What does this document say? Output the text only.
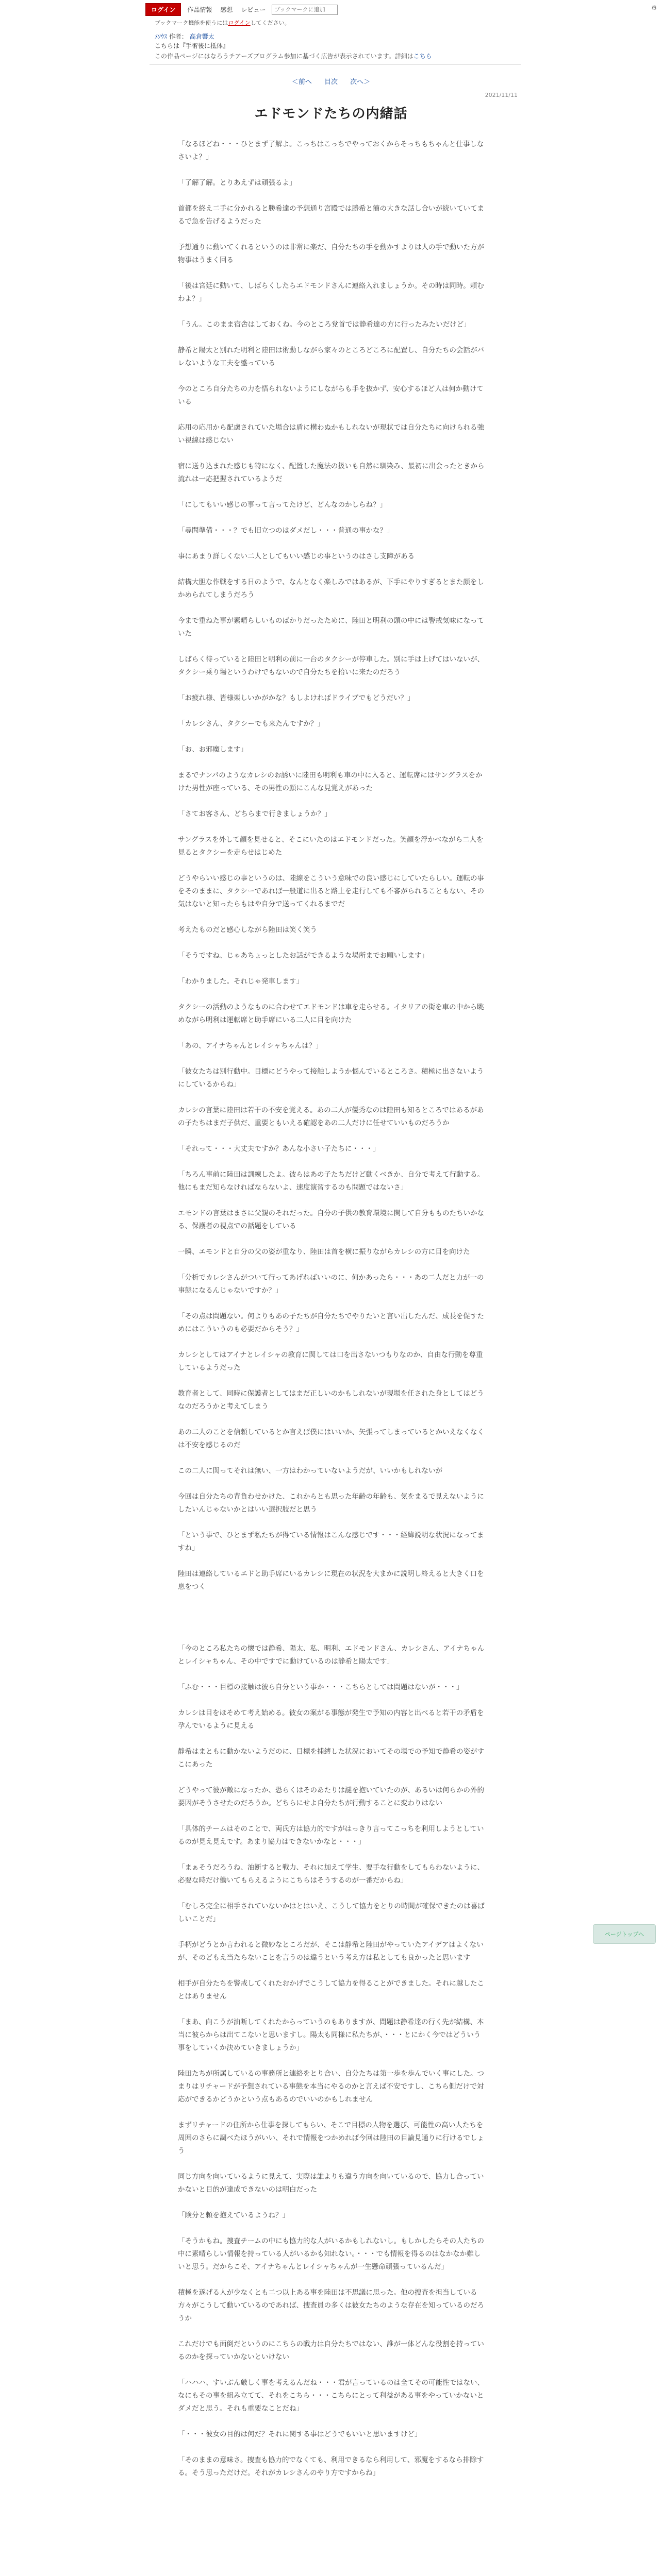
ログイン	作品情報	感想	レビュー
ブックマークに追加	⚙
ブックマーク機能を使うにはログインしてください。
ﾒｿｳｽ 作者： 高倉響太
こちらは『手術後に抵体』
この作品ページにはなろうチアーズプログラム参加に基づく広告が表示されています。詳細はこちら
＜前へ 目次 次へ＞
2021/11/11
エドモンドたちの内緒話

「なるほどね・・・ひとまず了解よ。こっちはこっちでやっておくからそっちもちゃんと仕事しなさいよ？」

「了解了解。とりあえずは頑張るよ」

首都を終え二手に分かれると勝希達の予想通り宮殿では勝希と簡の大きな話し合いが続いていてまるで急を告げるようだった

予想通りに動いてくれるというのは非常に楽だ、自分たちの手を動かすよりは人の手で動いた方が物事はうまく回る

「後は宮廷に動いて、しばらくしたらエドモンドさんに連絡入れましょうか。その時は同時。頼むわよ？」

「うん。このまま宿舎はしておくね。今のところ党首では静希達の方に行ったみたいだけど」

静希と陽太と別れた明利と陸田は術動しながら家々のところどころに配置し、自分たちの会話がバレないような工夫を盛っている

今のところ自分たちの力を悟られないようにしながらも手を抜かず、安心するほど人は何か動けている

応用の応用から配慮されていた場合は盾に構わぬかもしれないが現状では自分たちに向けられる強い視線は感じない

宿に送り込まれた感じも特になく、配置した魔法の扱いも自然に馴染み、最初に出会ったときから流れは一応把握されているようだ

「にしてもいい感じの事って言ってたけど、どんなのかしらね？」

「尋問準備・・・？でも旧立つのはダメだし・・・普通の事かな？」

事にあまり詳しくない二人としてもいい感じの事というのはさし支障がある

結構大胆な作戦をする日のようで、なんとなく楽しみではあるが、下手にやりすぎるとまた顔をしかめられてしまうだろう

今まで重ねた事が素晴らしいものばかりだったために、陸田と明利の頭の中には警戒気味になっていた

しばらく待っていると陸田と明利の前に一台のタクシーが停車した。別に手は上げてはいないが、タクシー乗り場というわけでもないので自分たちを拾いに来たのだろう

「お疲れ様、皆様楽しいかがかな？もしよければドライブでもどうだい？」

「カレシさん、タクシーでも来たんですか？」

「お、お邪魔します」

まるでナンパのようなカレシのお誘いに陸田も明利も車の中に入ると、運転席にはサングラスをかけた男性が座っている、その男性の顔にこんな見覚えがあった

「さてお客さん、どちらまで行きましょうか？」

サングラスを外して顔を見せると、そこにいたのはエドモンドだった。笑顔を浮かべながら二人を見るとタクシーを走らせはじめた

どうやらいい感じの事というのは、陸線をこういう意味での良い感じにしていたらしい。運転の事をそのままに、タクシーであれば一般道に出ると路上を走行しても不審がられることもない、その気はないと知ったらもはや自分で送ってくれるまでだ

考えたものだと感心しながら陸田は笑く笑う

「そうですね、じゃあちょっとしたお話ができるような場所までお願いします」

「わかりました。それじゃ発車します」

タクシーの活動のようなものに合わせてエドモンドは車を走らせる。イタリアの街を車の中から眺めながら明利は運転席と助手席にいる二人に目を向けた

「あの、アイナちゃんとレイシャちゃんは？」

「彼女たちは別行動中。目標にどうやって接触しようか悩んでいるところさ。積極に出さないようにしているからね」

カレシの言葉に陸田は若干の不安を覚える。あの二人が優秀なのは陸田も知るところではあるがあの子たちはまだ子供だ、重要ともいえる確認をあの二人だけに任せていいものだろうか

「それって・・・大丈夫ですか？あんな小さい子たちに・・・」

「ちろん事前に陸田は訓練したよ。彼らはあの子たちだけど動くべきか、自分で考えて行動する。他にもまだ知らなければならないよ、速度演習するのも問題ではないさ」

エモンドの言葉はまさに父親のそれだった。自分の子供の教育環境に関して自分もものたちいかなる、保護者の視点での話題をしている

一瞬、エモンドと自分の父の姿が重なり、陸田は首を横に振りながらカレシの方に目を向けた

「分析でカレシさんがついて行ってあげればいいのに、何かあったら・・・あの二人だと力が一の事態になるんじゃないですか？」

「その点は問題ない。何よりもあの子たちが自分たちでやりたいと言い出したんだ、成長を促すためにはこういうのも必要だからそう？」

カレシとしてはアイナとレイシャの教育に関しては口を出さないつもりなのか、自由な行動を尊重しているようだった

教育者として、同時に保護者としてはまだ正しいのかもしれないが現場を任された身としてはどうなのだろうかと考えてしまう

あの二人のことを信頼しているとか言えば僕にはいいか、矢張ってしまっているとかいえなくなくは不安を感じるのだ

この二人に関ってそれは無い、一方はわかっていないようだが、いいかもしれないが

今回は自分たちの背負わせかけた、これからとも思った年齢の年齢も、気をまるで見えないようにしたいんじゃないかとはいい選択肢だと思う

「という事で、ひとまず私たちが得ている情報はこんな感じです・・・経緯説明な状況になってますね」

陸田は連絡しているエドと助手席にいるカレシに現在の状況を大まかに説明し終えると大きく口を息をつく

「今のところ私たちの懐では静希、陽太、私、明利、エドモンドさん、カレシさん、アイナちゃんとレイシャちゃん、その中ですでに動けているのは静希と陽太です」

「ふむ・・・目標の接触は彼ら自分という事か・・・こちらとしては問題はないが・・・」

カレシは目をほそめて考え始める。彼女の案がる事態が発生で予知の内容と出べると若干の矛盾を孕んでいるように見える

静希はまともに動かないようだのに、目標を捕縛した状況においてその場での予知で静希の姿がすこにあった

どうやって彼が敵になったか、恐らくはそのあたりは謎を抱いていたのが、あるいは何らかの外的要因がそうさせたのだろうか。どちらにせよ自分たちが行動することに変わりはない

「具体的チームはそのことで、両氏方は協力的ですがはっきり言ってこっちを利用しようとしているのが見え見えです。あまり協力はできないかなと・・・」

「まぁそうだろうね、油断すると戦力、それに加えて学生、要手な行動をしてもらわないように、必要な時だけ働いてもらえるようにこちらはそうするのが一番だからね」

「むしろ完全に相手されていないかはとはいえ、こうして協力をとりの時間が確保できたのは喜ばしいことだ」

手柄がどうとか言われると微妙なところだが、そこは静希と陸田がやっていたアイデアはよくないが、そのどもえ当たらないことを言うのは違うという考え方は私としても良かったと思います

相手が自分たちを警戒してくれたおかげでこうして協力を得ることができました。それに越したことはありません

「まあ、向こうが油断してくれたからっていうのもありますが、問題は静希達の行く先が結構、本当に彼らからは出てこないと思いますし。陽太も同様に私たちが、・・・とにかく今ではどういう事をしていくか決めていきましょうか」

陸田たちが所属しているの事務所と連絡をとり合い、自分たちは第一歩を歩んでいく事にした。つまりはリチャードが予想されている事態を本当にやるのかと言えば不安ですし、こちら側だけで対応ができるかどうかという点もあるのでいいのかもしれません

まずリチャードの住所から仕事を探してもらい、そこで目標の人物を選び、可能性の高い人たちを周囲のさらに調べたほうがいい、それで情報をつかめれば今回は陸田の目論見通りに行けるでしょう

同じ方向を向いているように見えて、実際は誰よりも違う方向を向いているので、協力し合っていかないと目的が達成できないのは明白だった

「険分と頼を抱えているようね？」

「そうかもね。捜査チームの中にも協力的な人がいるかもしれないし。もしかしたらその人たちの中に素晴らしい情報を持っている人がいるかも知れない。・・・でも情報を得るのはなかなか難しいと思う。だからこそ、アイナちゃんとレイシャちゃんが一生懸命頑張っているんだ」

積極を遂げる人が少なくとも二つ以上ある事を陸田は不思議に思った。他の捜査を担当している方々がこうして動いているのであれば、捜査員の多くは彼女たちのような存在を知っているのだろうか

これだけでも面倒だというのにこちらの戦力は自分たちではない、誰が一体どんな役割を持っているのかを探っていかないといけない

「ハハハ、すいぶん厳しく事を考えるんだね・・・君が言っているのは全てその可能性ではない、なにもその事を組み立てて、それをこちら・・・こちらにとって利益がある事をやっていかないとダメだと思う。それも重要なことだね」

「・・・彼女の目的は何だ？それに関する事はどうでもいいと思いますけど」

「そのままの意味さ。捜査も協力的でなくても、利用できるなら利用して、邪魔をするなら排除する。そう思っただけだ。それがカレシさんのやり方ですからね」

ページトップへ
